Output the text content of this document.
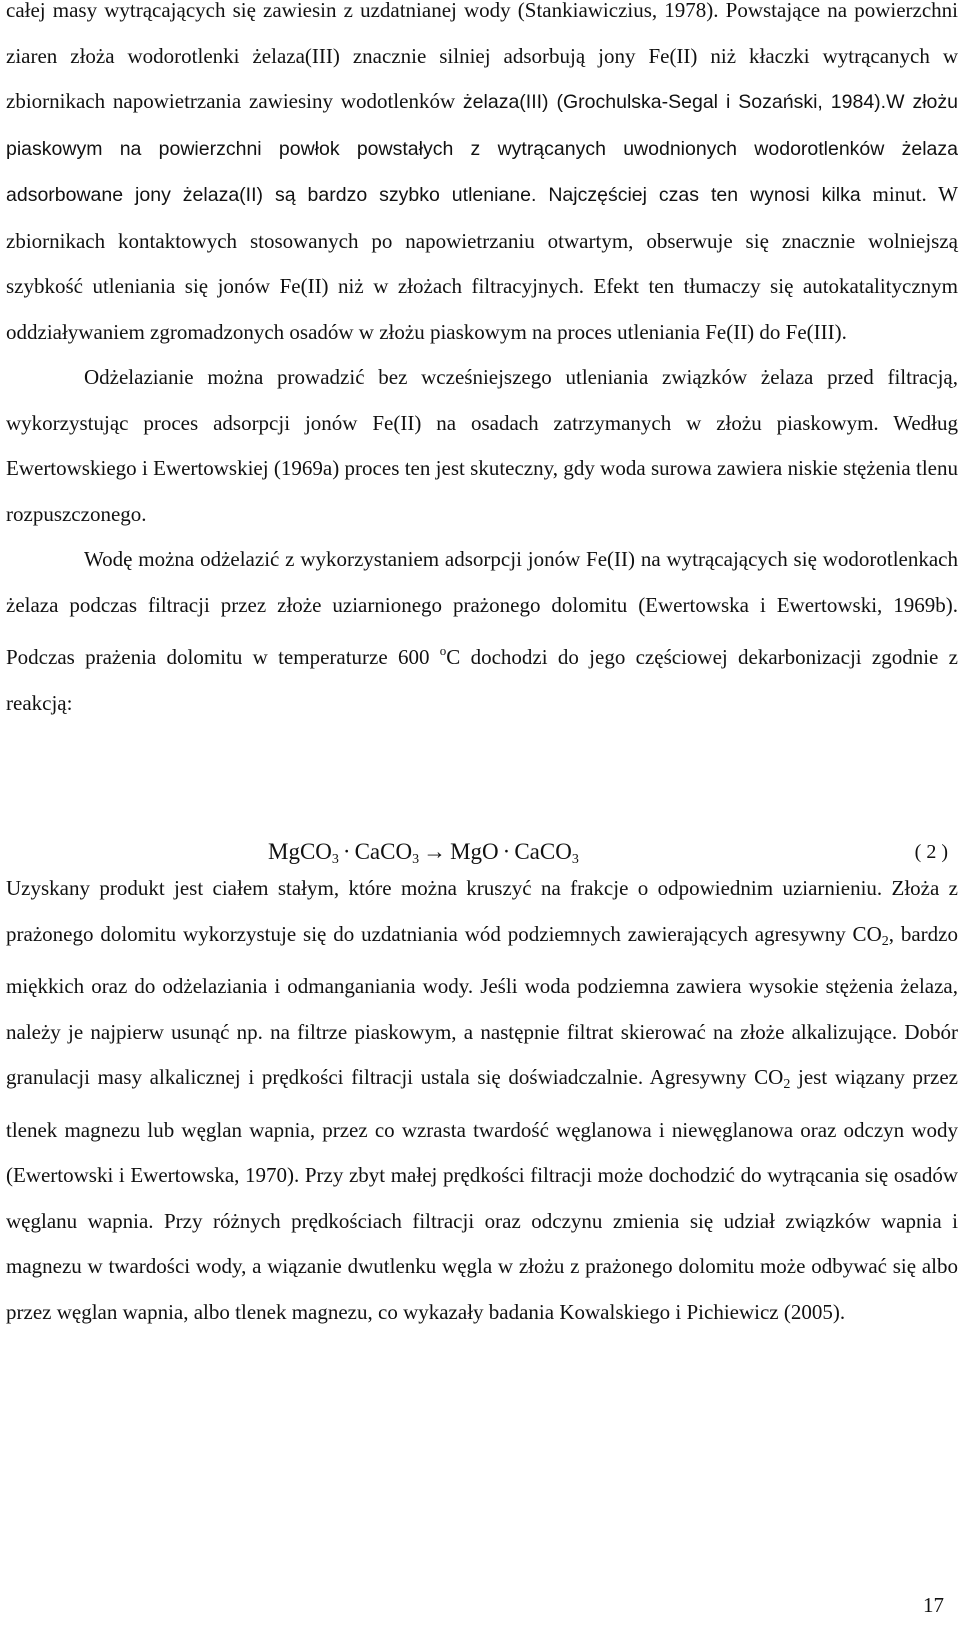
całej masy wytrącających się zawiesin z uzdatnianej wody (Stankiawiczius, 1978). Powstające na powierzchni ziaren złoża wodorotlenki żelaza(III) znacznie silniej adsorbują jony Fe(II) niż kłaczki wytrącanych w zbiornikach napowietrzania zawiesiny wodotlenków żelaza(III) (Grochulska-Segal i Sozański, 1984).W złożu piaskowym na powierzchni powłok powstałych z wytrącanych uwodnionych wodorotlenków żelaza adsorbowane jony żelaza(II) są bardzo szybko utleniane. Najczęściej czas ten wynosi kilka minut. W zbiornikach kontaktowych stosowanych po napowietrzaniu otwartym, obserwuje się znacznie wolniejszą szybkość utleniania się jonów Fe(II) niż w złożach filtracyjnych. Efekt ten tłumaczy się autokatalitycznym oddziaływaniem zgromadzonych osadów w złożu piaskowym na proces utleniania Fe(II) do Fe(III).

Odżelazianie można prowadzić bez wcześniejszego utleniania związków żelaza przed filtracją, wykorzystując proces adsorpcji jonów Fe(II) na osadach zatrzymanych w złożu piaskowym. Według Ewertowskiego i Ewertowskiej (1969a) proces ten jest skuteczny, gdy woda surowa zawiera niskie stężenia tlenu rozpuszczonego.

Wodę można odżelazić z wykorzystaniem adsorpcji jonów Fe(II) na wytrącających się wodorotlenkach żelaza podczas filtracji przez złoże uziarnionego prażonego dolomitu (Ewertowska i Ewertowski, 1969b). Podczas prażenia dolomitu w temperaturze 600 $^o$C dochodzi do jego częściowej dekarbonizacji zgodnie z reakcją:

MgCO$_3$ · CaCO$_3$ → MgO · CaCO$_3$	( 2 )

Uzyskany produkt jest ciałem stałym, które można kruszyć na frakcje o odpowiednim uziarnieniu. Złoża z prażonego dolomitu wykorzystuje się do uzdatniania wód podziemnych zawierających agresywny $CO_2$, bardzo miękkich oraz do odżelaziania i odmanganiania wody. Jeśli woda podziemna zawiera wysokie stężenia żelaza, należy je najpierw usunąć np. na filtrze piaskowym, a następnie filtrat skierować na złoże alkalizujące. Dobór granulacji masy alkalicznej i prędkości filtracji ustala się doświadczalnie. Agresywny $CO_2$ jest wiązany przez tlenek magnezu lub węglan wapnia, przez co wzrasta twardość węglanowa i niewęglanowa oraz odczyn wody (Ewertowski i Ewertowska, 1970). Przy zbyt małej prędkości filtracji może dochodzić do wytrącania się osadów węglanu wapnia. Przy różnych prędkościach filtracji oraz odczynu zmienia się udział związków wapnia i magnezu w twardości wody, a wiązanie dwutlenku węgla w złożu z prażonego dolomitu może odbywać się albo przez węglan wapnia, albo tlenek magnezu, co wykazały badania Kowalskiego i Pichiewicz (2005).

17
